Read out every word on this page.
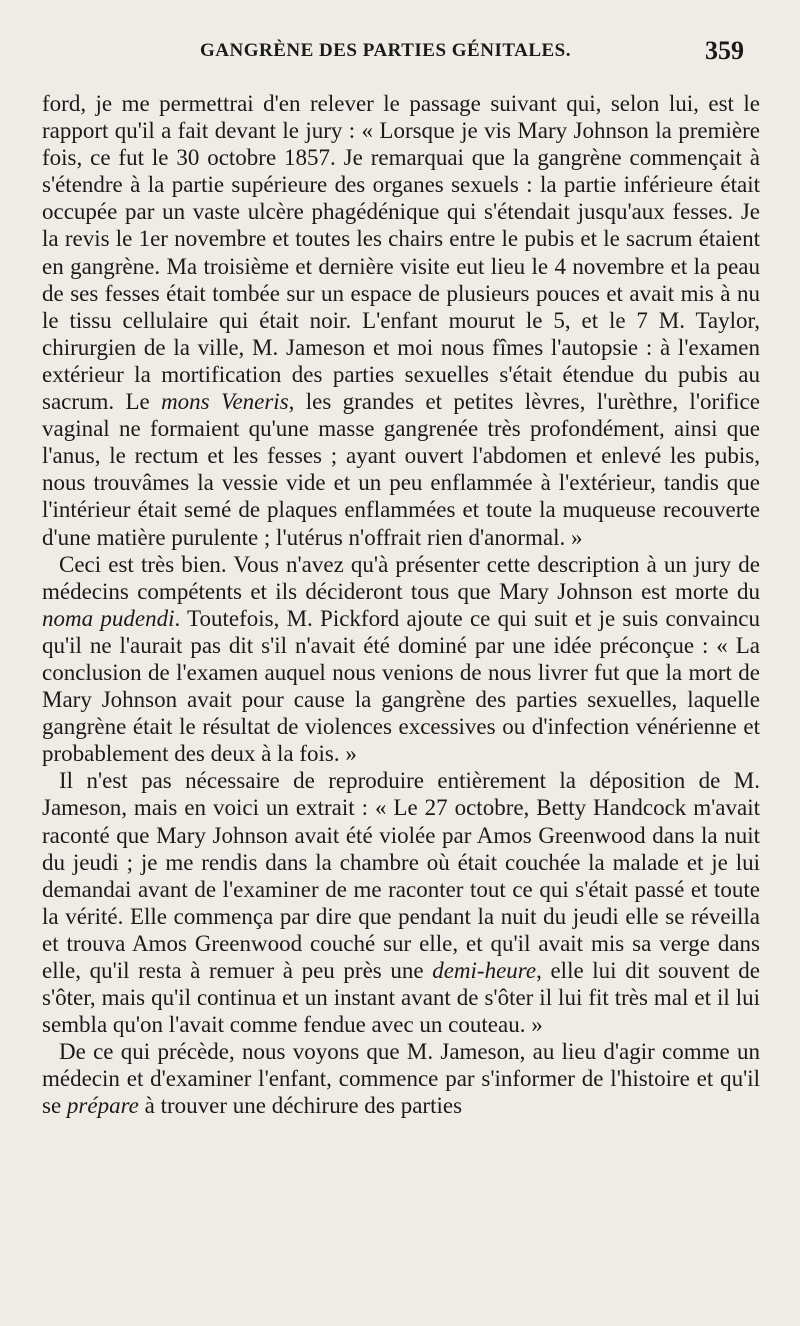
GANGRÈNE DES PARTIES GÉNITALES.	359

ford, je me permettrai d'en relever le passage suivant qui, selon lui, est le rapport qu'il a fait devant le jury : « Lorsque je vis Mary Johnson la première fois, ce fut le 30 octobre 1857. Je remarquai que la gangrène commençait à s'étendre à la partie supérieure des organes sexuels : la partie inférieure était occupée par un vaste ulcère phagédénique qui s'étendait jusqu'aux fesses. Je la revis le 1er novembre et toutes les chairs entre le pubis et le sacrum étaient en gangrène. Ma troisième et dernière visite eut lieu le 4 novembre et la peau de ses fesses était tombée sur un espace de plusieurs pouces et avait mis à nu le tissu cellulaire qui était noir. L'enfant mourut le 5, et le 7 M. Taylor, chirurgien de la ville, M. Jameson et moi nous fîmes l'autopsie : à l'examen extérieur la mortification des parties sexuelles s'était étendue du pubis au sacrum. Le mons Veneris, les grandes et petites lèvres, l'urèthre, l'orifice vaginal ne formaient qu'une masse gangrenée très profondément, ainsi que l'anus, le rectum et les fesses ; ayant ouvert l'abdomen et enlevé les pubis, nous trouvâmes la vessie vide et un peu enflammée à l'extérieur, tandis que l'intérieur était semé de plaques enflammées et toute la muqueuse recouverte d'une matière purulente ; l'utérus n'offrait rien d'anormal. »

Ceci est très bien. Vous n'avez qu'à présenter cette description à un jury de médecins compétents et ils décideront tous que Mary Johnson est morte du noma pudendi. Toutefois, M. Pickford ajoute ce qui suit et je suis convaincu qu'il ne l'aurait pas dit s'il n'avait été dominé par une idée préconçue : « La conclusion de l'examen auquel nous venions de nous livrer fut que la mort de Mary Johnson avait pour cause la gangrène des parties sexuelles, laquelle gangrène était le résultat de violences excessives ou d'infection vénérienne et probablement des deux à la fois. »

Il n'est pas nécessaire de reproduire entièrement la déposition de M. Jameson, mais en voici un extrait : « Le 27 octobre, Betty Handcock m'avait raconté que Mary Johnson avait été violée par Amos Greenwood dans la nuit du jeudi ; je me rendis dans la chambre où était couchée la malade et je lui demandai avant de l'examiner de me raconter tout ce qui s'était passé et toute la vérité. Elle commença par dire que pendant la nuit du jeudi elle se réveilla et trouva Amos Greenwood couché sur elle, et qu'il avait mis sa verge dans elle, qu'il resta à remuer à peu près une demi-heure, elle lui dit souvent de s'ôter, mais qu'il continua et un instant avant de s'ôter il lui fit très mal et il lui sembla qu'on l'avait comme fendue avec un couteau. »

De ce qui précède, nous voyons que M. Jameson, au lieu d'agir comme un médecin et d'examiner l'enfant, commence par s'informer de l'histoire et qu'il se prépare à trouver une déchirure des parties
